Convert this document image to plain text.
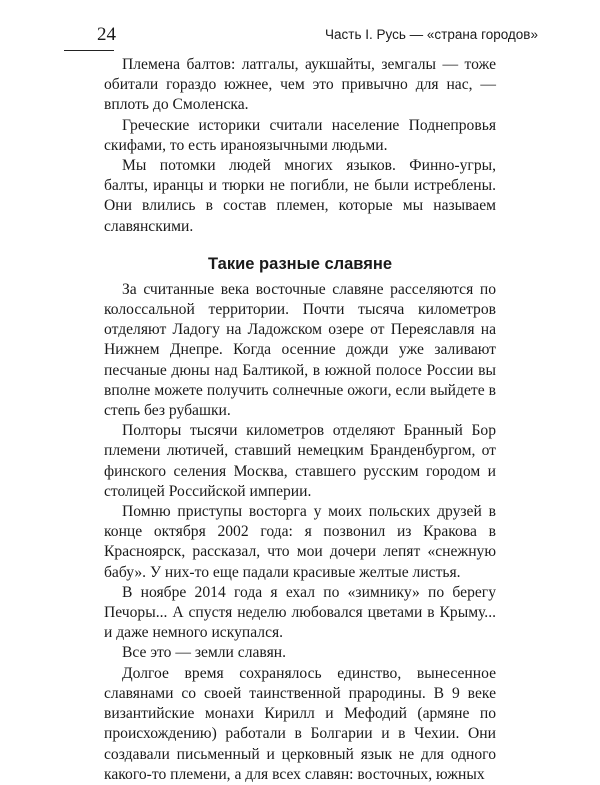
24	Часть I. Русь — «страна городов»

Племена балтов: латгалы, аукшайты, земгалы — тоже обитали гораздо южнее, чем это привычно для нас, — вплоть до Смоленска.

Греческие историки считали население Поднепровья скифами, то есть ираноязычными людьми.

Мы потомки людей многих языков. Финно-угры, балты, иранцы и тюрки не погибли, не были истреблены. Они влились в состав племен, которые мы называем славянскими.

Такие разные славяне

За считанные века восточные славяне расселяются по колоссальной территории. Почти тысяча километров отделяют Ладогу на Ладожском озере от Переяславля на Нижнем Днепре. Когда осенние дожди уже заливают песчаные дюны над Балтикой, в южной полосе России вы вполне можете получить солнечные ожоги, если выйдете в степь без рубашки.

Полторы тысячи километров отделяют Бранный Бор племени лютичей, ставший немецким Бранденбургом, от финского селения Москва, ставшего русским городом и столицей Российской империи.

Помню приступы восторга у моих польских друзей в конце октября 2002 года: я позвонил из Кракова в Красноярск, рассказал, что мои дочери лепят «снежную бабу». У них-то еще падали красивые желтые листья.

В ноябре 2014 года я ехал по «зимнику» по берегу Печоры... А спустя неделю любовался цветами в Крыму... и даже немного искупался.

Все это — земли славян.

Долгое время сохранялось единство, вынесенное славянами со своей таинственной прародины. В 9 веке византийские монахи Кирилл и Мефодий (армяне по происхождению) работали в Болгарии и в Чехии. Они создавали письменный и церковный язык не для одного какого-то племени, а для всех славян: восточных, южных
